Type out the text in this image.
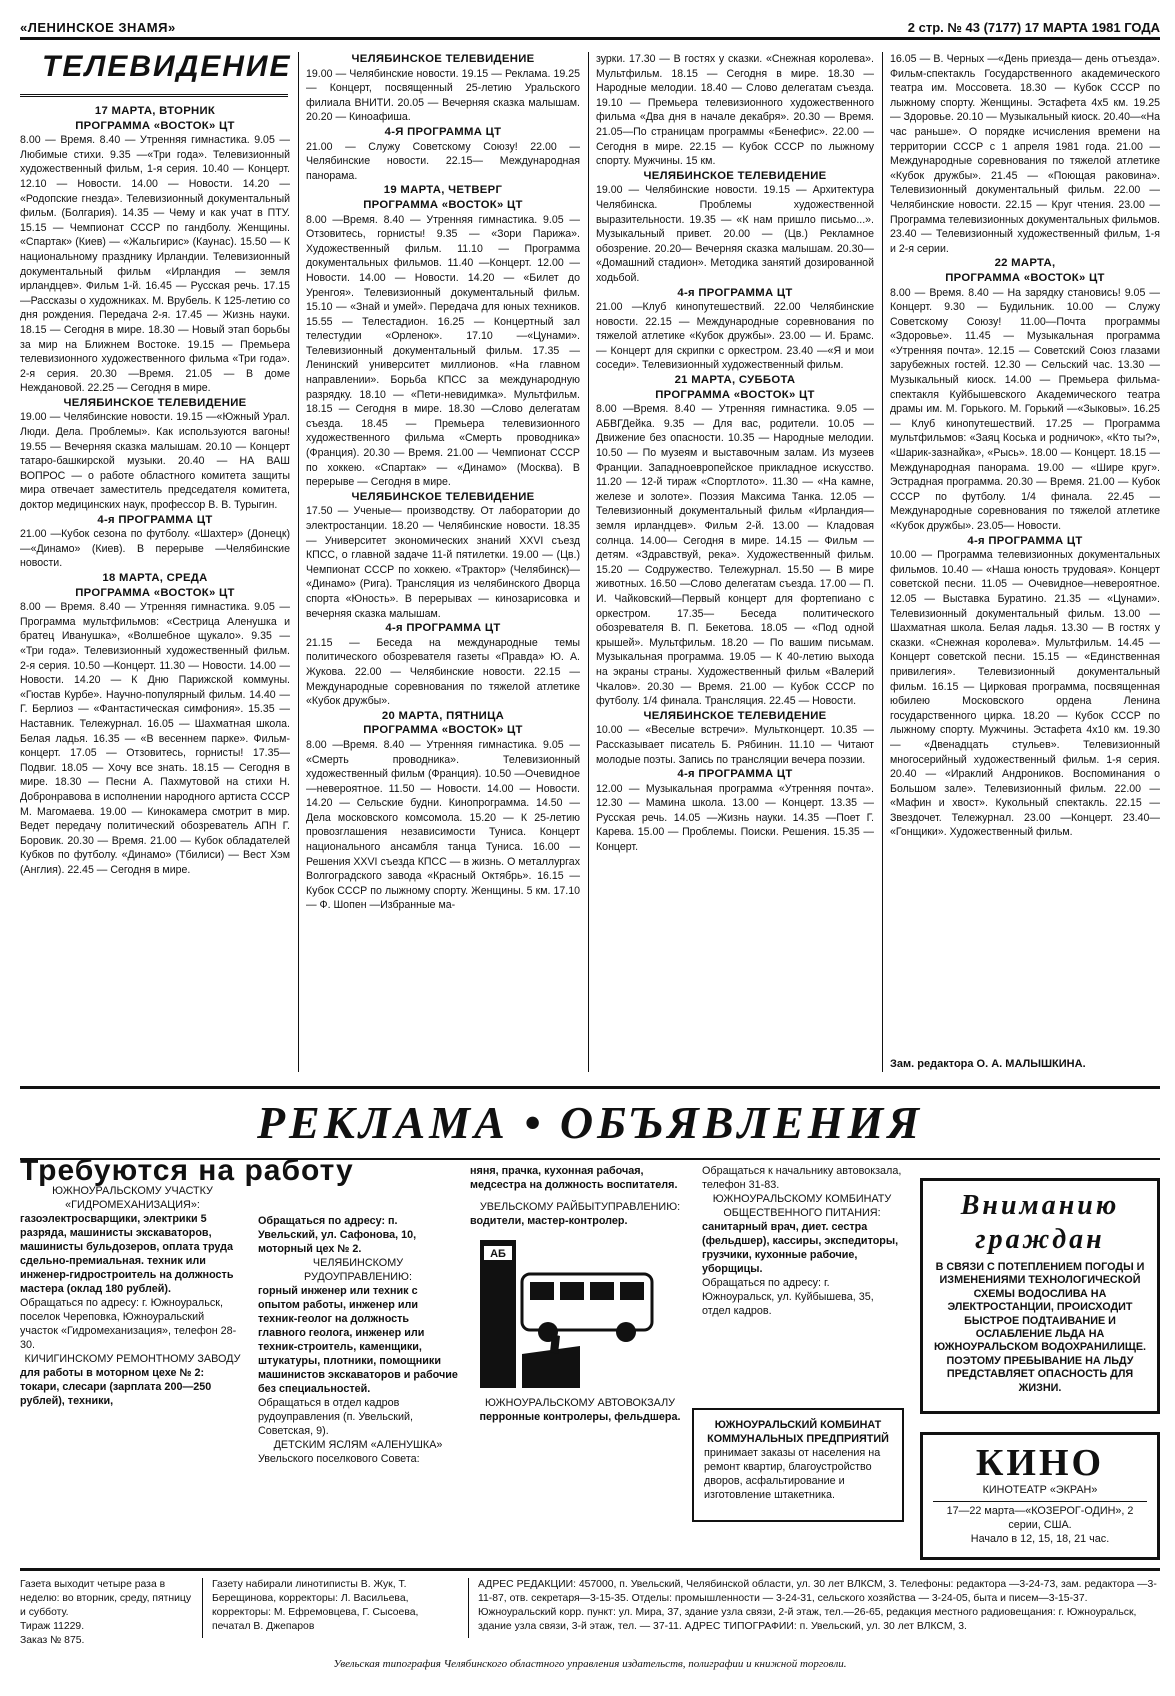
«ЛЕНИНСКОЕ ЗНАМЯ»	2 стр. № 43 (7177) 17 МАРТА 1981 ГОДА
ТЕЛЕВИДЕНИЕ
17 МАРТА, ВТОРНИК
ПРОГРАММА «ВОСТОК» ЦТ

8.00 — Время. 8.40 — Утренняя гимнастика. 9.05 — Любимые стихи. 9.35 —«Три года». Телевизионный художественный фильм, 1-я серия. 10.40 — Концерт. 12.10 — Новости. 14.00 — Новости. 14.20 — «Родопские гнезда». Телевизионный документальный фильм. (Болгария). 14.35 — Чему и как учат в ПТУ. 15.15 — Чемпионат СССР по гандболу. Женщины. «Спартак» (Киев) — «Жальгирис» (Каунас). 15.50 — К национальному празднику Ирландии. Телевизионный документальный фильм «Ирландия — земля ирландцев». Фильм 1-й. 16.45 — Русская речь. 17.15 —Рассказы о художниках. М. Врубель. К 125-летию со дня рождения. Передача 2-я. 17.45 — Жизнь науки. 18.15 — Сегодня в мире. 18.30 — Новый этап борьбы за мир на Ближнем Востоке. 19.15 — Премьера телевизионного художественного фильма «Три года». 2-я серия. 20.30 —Время. 21.05 — В доме Неждановой. 22.25 — Сегодня в мире.

ЧЕЛЯБИНСКОЕ ТЕЛЕВИДЕНИЕ

19.00 — Челябинские новости. 19.15 —«Южный Урал. Люди. Дела. Проблемы». Как используются вагоны! 19.55 — Вечерняя сказка малышам. 20.10 — Концерт татаро-башкирской музыки. 20.40 — НА ВАШ ВОПРОС — о работе областного комитета защиты мира отвечает заместитель председателя комитета, доктор медицинских наук, профессор В. В. Турыгин.

4-я ПРОГРАММА ЦТ

21.00 —Кубок сезона по футболу. «Шахтер» (Донецк)—«Динамо» (Киев). В перерыве —Челябинские новости.

18 МАРТА, СРЕДА
ПРОГРАММА «ВОСТОК» ЦТ

8.00 — Время. 8.40 — Утренняя гимнастика. 9.05 — Программа мультфильмов: «Сестрица Аленушка и братец Иванушка», «Волшебное щукало». 9.35 — «Три года». Телевизионный художественный фильм. 2-я серия. 10.50 —Концерт. 11.30 — Новости. 14.00 — Новости. 14.20 — К Дню Парижской коммуны. «Гюстав Курбе». Научно-популярный фильм. 14.40 —Г. Берлиоз — «Фантастическая симфония». 15.35 — Наставник. Тележурнал. 16.05 — Шахматная школа. Белая ладья. 16.35 — «В весеннем парке». Фильм-концерт. 17.05 — Отзовитесь, горнисты! 17.35— Подвиг. 18.05 — Хочу все знать. 18.15 — Сегодня в мире. 18.30 — Песни А. Пахмутовой на стихи Н. Добронравова в исполнении народного артиста СССР М. Магомаева. 19.00 — Кинокамера смотрит в мир. Ведет передачу политический обозреватель АПН Г. Боровик. 20.30 — Время. 21.00 — Кубок обладателей Кубков по футболу. «Динамо» (Тбилиси) — Вест Хэм (Англия). 22.45 — Сегодня в мире.

ЧЕЛЯБИНСКОЕ ТЕЛЕВИДЕНИЕ

19.00 — Челябинские новости. 19.15 — Реклама. 19.25 — Концерт, посвященный 25-летию Уральского филиала ВНИТИ. 20.05 — Вечерняя сказка малышам. 20.20 — Киноафиша.

4-Я ПРОГРАММА ЦТ

21.00 — Служу Советскому Союзу! 22.00 — Челябинские новости. 22.15— Международная панорама.

19 МАРТА, ЧЕТВЕРГ
ПРОГРАММА «ВОСТОК» ЦТ

8.00 —Время. 8.40 — Утренняя гимнастика. 9.05 — Отзовитесь, горнисты! 9.35 — «Зори Парижа». Художественный фильм. 11.10 — Программа документальных фильмов. 11.40 —Концерт. 12.00 — Новости. 14.00 — Новости. 14.20 — «Билет до Уренгоя». Телевизионный документальный фильм. 15.10 — «Знай и умей». Передача для юных техников. 15.55 — Телестадион. 16.25 — Концертный зал телестудии «Орленок». 17.10 —«Цунами». Телевизионный документальный фильм. 17.35 — Ленинский университет миллионов. «На главном направлении». Борьба КПСС за международную разрядку. 18.10 — «Пети-невидимка». Мультфильм. 18.15 — Сегодня в мире. 18.30 —Слово делегатам съезда. 18.45 — Премьера телевизионного художественного фильма «Смерть проводника» (Франция). 20.30 — Время. 21.00 — Чемпионат СССР по хоккею. «Спартак» — «Динамо» (Москва). В перерыве — Сегодня в мире.

ЧЕЛЯБИНСКОЕ ТЕЛЕВИДЕНИЕ

17.50 — Ученые— производству. От лаборатории до электростанции. 18.20 — Челябинские новости. 18.35 — Университет экономических знаний XXVI съезд КПСС, о главной задаче 11-й пятилетки. 19.00 — (Цв.) Чемпионат СССР по хоккею. «Трактор» (Челябинск)— «Динамо» (Рига). Трансляция из челябинского Дворца спорта «Юность». В перерывах — кинозарисовка и вечерняя сказка малышам.

4-я ПРОГРАММА ЦТ

21.15 — Беседа на международные темы политического обозревателя газеты «Правда» Ю. А. Жукова. 22.00 — Челябинские новости. 22.15 — Международные соревнования по тяжелой атлетике «Кубок дружбы».

20 МАРТА, ПЯТНИЦА
ПРОГРАММА «ВОСТОК» ЦТ

8.00 —Время. 8.40 — Утренняя гимнастика. 9.05 — «Смерть проводника». Телевизионный художественный фильм (Франция). 10.50 —Очевидное—невероятное. 11.50 — Новости. 14.00 — Новости. 14.20 — Сельские будни. Кинопрограмма. 14.50 — Дела московского комсомола. 15.20 — К 25-летию провозглашения независимости Туниса. Концерт национального ансамбля танца Туниса. 16.00 — Решения XXVI съезда КПСС — в жизнь. О металлургах Волгоградского завода «Красный Октябрь». 16.15 — Кубок СССР по лыжному спорту. Женщины. 5 км. 17.10 — Ф. Шопен —Избранные ма-

зурки. 17.30 — В гостях у сказки. «Снежная королева». Мультфильм. 18.15 — Сегодня в мире. 18.30 — Народные мелодии. 18.40 — Слово делегатам съезда. 19.10 — Премьера телевизионного художественного фильма «Два дня в начале декабря». 20.30 — Время. 21.05—По страницам программы «Бенефис». 22.00 — Сегодня в мире. 22.15 — Кубок СССР по лыжному спорту. Мужчины. 15 км.

ЧЕЛЯБИНСКОЕ ТЕЛЕВИДЕНИЕ

19.00 — Челябинские новости. 19.15 — Архитектура Челябинска. Проблемы художественной выразительности. 19.35 — «К нам пришло письмо...». Музыкальный привет. 20.00 — (Цв.) Рекламное обозрение. 20.20— Вечерняя сказка малышам. 20.30— «Домашний стадион». Методика занятий дозированной ходьбой.

4-я ПРОГРАММА ЦТ

21.00 —Клуб кинопутешествий. 22.00 Челябинские новости. 22.15 — Международные соревнования по тяжелой атлетике «Кубок дружбы». 23.00 — И. Брамс. — Концерт для скрипки с оркестром. 23.40 —«Я и мои соседи». Телевизионный художественный фильм.

21 МАРТА, СУББОТА
ПРОГРАММА «ВОСТОК» ЦТ

8.00 —Время. 8.40 — Утренняя гимнастика. 9.05 — АБВГДейка. 9.35 — Для вас, родители. 10.05 — Движение без опасности. 10.35 — Народные мелодии. 10.50 — По музеям и выставочным залам. Из музеев Франции. Западноевропейское прикладное искусство. 11.20 — 12-й тираж «Спортлото». 11.30 — «На камне, железе и золоте». Поэзия Максима Танка. 12.05 — Телевизионный документальный фильм «Ирландия—земля ирландцев». Фильм 2-й. 13.00 — Кладовая солнца. 14.00— Сегодня в мире. 14.15 — Фильм — детям. «Здравствуй, река». Художественный фильм. 15.20 — Содружество. Тележурнал. 15.50 — В мире животных. 16.50 —Слово делегатам съезда. 17.00 — П. И. Чайковский—Первый концерт для фортепиано с оркестром. 17.35— Беседа политического обозревателя В. П. Бекетова. 18.05 — «Под одной крышей». Мультфильм. 18.20 — По вашим письмам. Музыкальная программа. 19.05 — К 40-летию выхода на экраны страны. Художественный фильм «Валерий Чкалов». 20.30 — Время. 21.00 — Кубок СССР по футболу. 1/4 финала. Трансляция. 22.45 — Новости.

ЧЕЛЯБИНСКОЕ ТЕЛЕВИДЕНИЕ

10.00 — «Веселые встречи». Мультконцерт. 10.35 — Рассказывает писатель Б. Рябинин. 11.10 — Читают молодые поэты. Запись по трансляции вечера поэзии.

4-я ПРОГРАММА ЦТ

12.00 — Музыкальная программа «Утренняя почта». 12.30 — Мамина школа. 13.00 — Концерт. 13.35 — Русская речь. 14.05 —Жизнь науки. 14.35 —Поет Г. Карева. 15.00 — Проблемы. Поиски. Решения. 15.35 — Концерт.

16.05 — В. Черных —«День приезда— день отъезда». Фильм-спектакль Государственного академического театра им. Моссовета. 18.30 — Кубок СССР по лыжному спорту. Женщины. Эстафета 4х5 км. 19.25 — Здоровье. 20.10 — Музыкальный киоск. 20.40—«На час раньше». О порядке исчисления времени на территории СССР с 1 апреля 1981 года. 21.00 — Международные соревнования по тяжелой атлетике «Кубок дружбы». 21.45 — «Поющая раковина». Телевизионный документальный фильм. 22.00 — Челябинские новости. 22.15 — Круг чтения. 23.00 — Программа телевизионных документальных фильмов. 23.40 — Телевизионный художественный фильм, 1-я и 2-я серии.

22 МАРТА,
ПРОГРАММА «ВОСТОК» ЦТ

8.00 — Время. 8.40 — На зарядку становись! 9.05 — Концерт. 9.30 — Будильник. 10.00 — Служу Советскому Союзу! 11.00—Почта программы «Здоровье». 11.45 — Музыкальная программа «Утренняя почта». 12.15 — Советский Союз глазами зарубежных гостей. 12.30 — Сельский час. 13.30 — Музыкальный киоск. 14.00 — Премьера фильма-спектакля Куйбышевского Академического театра драмы им. М. Горького. М. Горький —«Зыковы». 16.25 — Клуб кинопутешествий. 17.25 — Программа мультфильмов: «Заяц Коська и родничок», «Кто ты?», «Шарик-зазнайка», «Рысь». 18.00 — Концерт. 18.15 — Международная панорама. 19.00 — «Шире круг». Эстрадная программа. 20.30 — Время. 21.00 — Кубок СССР по футболу. 1/4 финала. 22.45 — Международные соревнования по тяжелой атлетике «Кубок дружбы». 23.05— Новости.

4-я ПРОГРАММА ЦТ

10.00 — Программа телевизионных документальных фильмов. 10.40 — «Наша юность трудовая». Концерт советской песни. 11.05 — Очевидное—невероятное. 12.05 — Выставка Буратино. 21.35 — «Цунами». Телевизионный документальный фильм. 13.00 — Шахматная школа. Белая ладья. 13.30 — В гостях у сказки. «Снежная королева». Мультфильм. 14.45 — Концерт советской песни. 15.15 — «Единственная привилегия». Телевизионный документальный фильм. 16.15 — Цирковая программа, посвященная юбилею Московского ордена Ленина государственного цирка. 18.20 — Кубок СССР по лыжному спорту. Мужчины. Эстафета 4х10 км. 19.30 — «Двенадцать стульев». Телевизионный многосерийный художественный фильм. 1-я серия. 20.40 — «Ираклий Андроников. Воспоминания о Большом зале». Телевизионный фильм. 22.00 — «Мафин и хвост». Кукольный спектакль. 22.15 — Звездочет. Тележурнал. 23.00 —Концерт. 23.40— «Гонщики». Художественный фильм.

Зам. редактора О. А. МАЛЫШКИНА.
РЕКЛАМА • ОБЪЯВЛЕНИЯ
Требуются на работу
ЮЖНОУРАЛЬСКОМУ УЧАСТКУ «ГИДРОМЕХАНИЗАЦИЯ»:
газоэлектросварщики, электрики 5 разряда, машинисты экскаваторов, машинисты бульдозеров, оплата труда сдельно-премиальная. техник или инженер-гидростроитель на должность мастера (оклад 180 рублей).
Обращаться по адресу: г. Южноуральск, поселок Череповка, Южноуральский участок «Гидромеханизация», телефон 28-30.
КИЧИГИНСКОМУ РЕМОНТНОМУ ЗАВОДУ
для работы в моторном цехе № 2: токари, слесари (зарплата 200—250 рублей), техники,
Обращаться по адресу: п. Увельский, ул. Сафонова, 10, моторный цех № 2.
ЧЕЛЯБИНСКОМУ РУДОУПРАВЛЕНИЮ:
горный инженер или техник с опытом работы, инженер или техник-геолог на должность главного геолога, инженер или техник-строитель, каменщики, штукатуры, плотники, помощники машинистов экскаваторов и рабочие без специальностей.
Обращаться в отдел кадров рудоуправления (п. Увельский, Советская, 9).
ДЕТСКИМ ЯСЛЯМ «АЛЕНУШКА»
Увельского поселкового Совета:
няня, прачка, кухонная рабочая, медсестра на должность воспитателя.
УВЕЛЬСКОМУ РАЙБЫТУПРАВЛЕНИЮ:
водители, мастер-контролер.
АБ
ЮЖНОУРАЛЬСКОМУ АВТОВОКЗАЛУ
перронные контролеры, фельдшера.
Обращаться к начальнику автовокзала, телефон 31-83.
ЮЖНОУРАЛЬСКОМУ КОМБИНАТУ ОБЩЕСТВЕННОГО ПИТАНИЯ:
санитарный врач, диет. сестра (фельдшер), кассиры, экспедиторы, грузчики, кухонные рабочие, уборщицы.
Обращаться по адресу: г. Южноуральск, ул. Куйбышева, 35, отдел кадров.
ЮЖНОУРАЛЬСКИЙ КОМБИНАТ КОММУНАЛЬНЫХ ПРЕДПРИЯТИЙ
принимает заказы от населения на ремонт квартир, благоустройство дворов, асфальтирование и изготовление штакетника.
Вниманию граждан
В СВЯЗИ С ПОТЕПЛЕНИЕМ ПОГОДЫ И ИЗМЕНЕНИЯМИ ТЕХНОЛОГИЧЕСКОЙ СХЕМЫ ВОДОСЛИВА НА ЭЛЕКТРОСТАНЦИИ, ПРОИСХОДИТ БЫСТРОЕ ПОДТАИВАНИЕ И ОСЛАБЛЕНИЕ ЛЬДА НА ЮЖНОУРАЛЬСКОМ ВОДОХРАНИЛИЩЕ. ПОЭТОМУ ПРЕБЫВАНИЕ НА ЛЬДУ ПРЕДСТАВЛЯЕТ ОПАСНОСТЬ ДЛЯ ЖИЗНИ.
КИНО
КИНОТЕАТР «ЭКРАН»
17—22 марта—«КОЗЕРОГ-ОДИН», 2 серии, США.
Начало в 12, 15, 18, 21 час.
Газета выходит четыре раза в неделю: во вторник, среду, пятницу и субботу.
Тираж 11229.
Заказ № 875.
Газету набирали линотиписты В. Жук, Т. Берещинова, корректоры: Л. Васильева, корректоры: М. Ефремовцева, Г. Сысоева, печатал В. Джепаров
АДРЕС РЕДАКЦИИ: 457000, п. Увельский, Челябинской области, ул. 30 лет ВЛКСМ, 3. Телефоны: редактора —3-24-73, зам. редактора —3-11-87, отв. секретаря—3-15-35. Отделы: промышленности — 3-24-31, сельского хозяйства — 3-24-05, быта и писем—3-15-37. Южноуральский корр. пункт: ул. Мира, 37, здание узла связи, 2-й этаж, тел.—26-65, редакция местного радиовещания: г. Южноуральск, здание узла связи, 3-й этаж, тел. — 37-11. АДРЕС ТИПОГРАФИИ: п. Увельский, ул. 30 лет ВЛКСМ, 3.
Увельская типография Челябинского областного управления издательств, полиграфии и книжной торговли.
